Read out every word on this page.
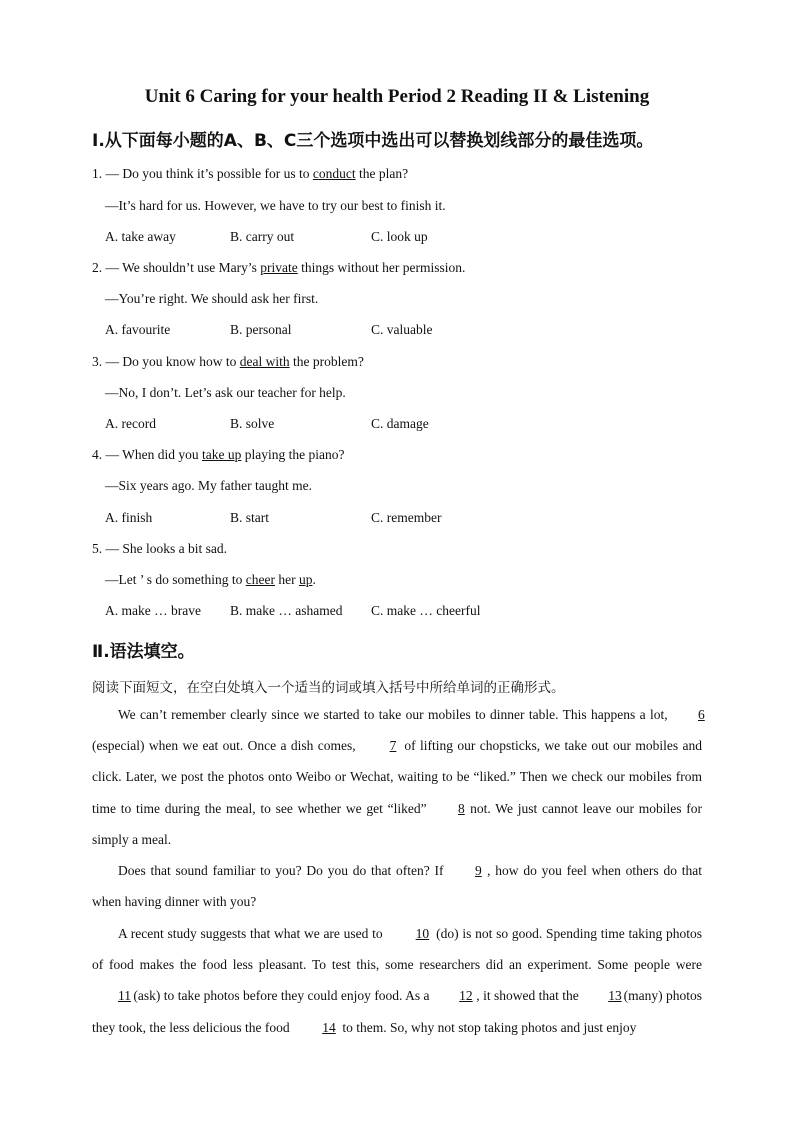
Unit 6 Caring for your health Period 2 Reading II & Listening
Ⅰ.从下面每小题的A、B、C三个选项中选出可以替换划线部分的最佳选项。
1. — Do you think it’s possible for us to conduct the plan?
—It’s hard for us. However, we have to try our best to finish it.
A. take away	B. carry out	C. look up
2. — We shouldn’t use Mary’s private things without her permission.
—You’re right. We should ask her first.
A. favourite	B. personal	C. valuable
3. — Do you know how to deal with the problem?
—No, I don’t. Let’s ask our teacher for help.
A. record	B. solve	C. damage
4. — When did you take up playing the piano?
—Six years ago. My father taught me.
A. finish	B. start	C. remember
5. — She looks a bit sad.
—Let ’ s do something to cheer her up.
A. make … brave B. make … ashamed C. make … cheerful
Ⅱ.语法填空。
阅读下面短文，在空白处填入一个适当的词或填入括号中所给单词的正确形式。
We can’t remember clearly since we started to take our mobiles to dinner table. This happens a lot, 6 (especial) when we eat out. Once a dish comes, 7 of lifting our chopsticks, we take out our mobiles and click. Later, we post the photos onto Weibo or Wechat, waiting to be “liked.” Then we check our mobiles from time to time during the meal, to see whether we get “liked” 8 not. We just cannot leave our mobiles for simply a meal.
Does that sound familiar to you? Do you do that often? If 9 , how do you feel when others do that when having dinner with you?
A recent study suggests that what we are used to 10 (do) is not so good. Spending time taking photos of food makes the food less pleasant. To test this, some researchers did an experiment. Some people were 11 (ask) to take photos before they could enjoy food. As a 12 , it showed that the 13 (many) photos they took, the less delicious the food 14 to them. So, why not stop taking photos and just enjoy
